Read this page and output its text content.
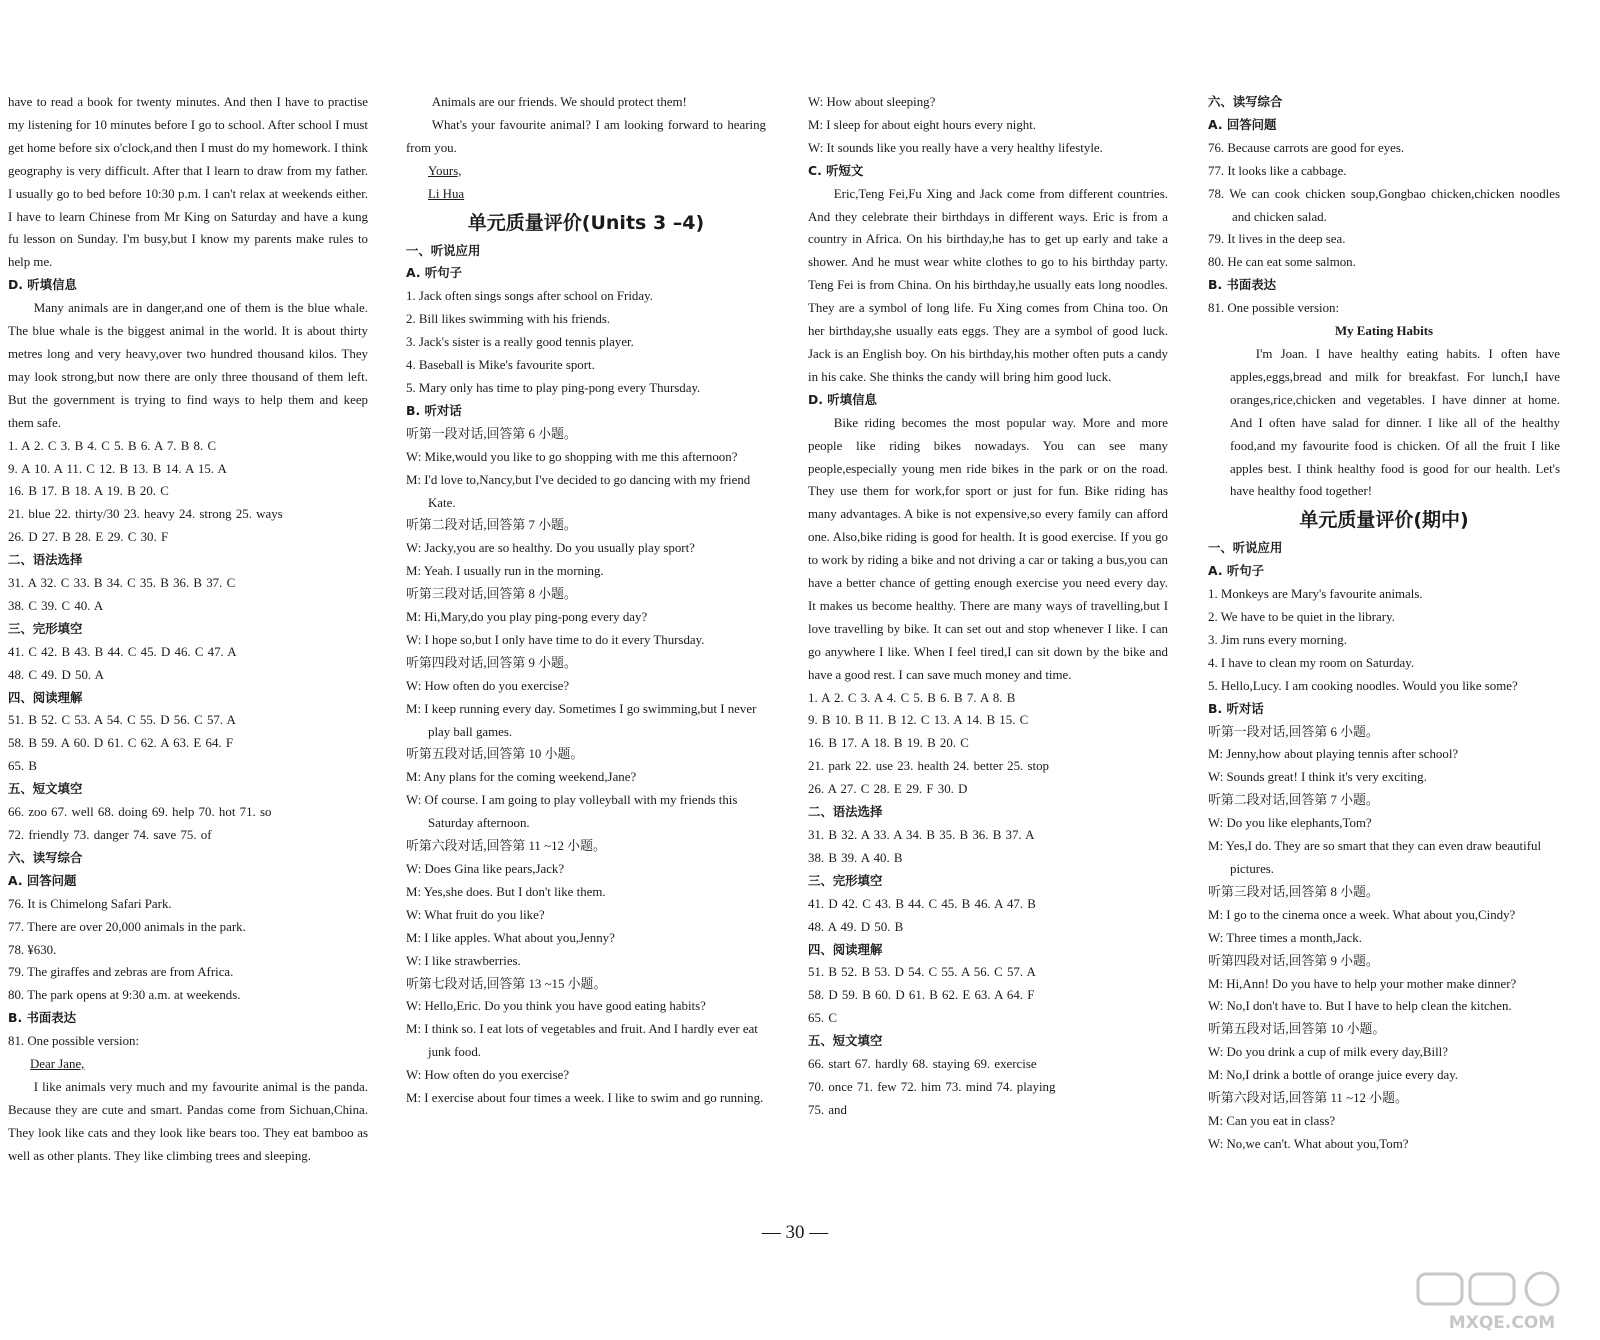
have to read a book for twenty minutes. And then I have to practise my listening for 10 minutes before I go to school. After school I must get home before six o'clock,and then I must do my homework. I think geography is very difficult. After that I learn to draw from my father. I usually go to bed before 10:30 p.m. I can't relax at weekends either. I have to learn Chinese from Mr King on Saturday and have a kung fu lesson on Sunday. I'm busy,but I know my parents make rules to help me.

D. 听填信息

Many animals are in danger,and one of them is the blue whale. The blue whale is the biggest animal in the world. It is about thirty metres long and very heavy,over two hundred thousand kilos. They may look strong,but now there are only three thousand of them left. But the government is trying to find ways to help them and keep them safe.

1. A 2. C 3. B 4. C 5. B 6. A 7. B 8. C
9. A 10. A 11. C 12. B 13. B 14. A 15. A
16. B 17. B 18. A 19. B 20. C
21. blue 22. thirty/30 23. heavy 24. strong 25. ways
26. D 27. B 28. E 29. C 30. F
二、语法选择
31. A 32. C 33. B 34. C 35. B 36. B 37. C
38. C 39. C 40. A
三、完形填空
41. C 42. B 43. B 44. C 45. D 46. C 47. A
48. C 49. D 50. A
四、阅读理解
51. B 52. C 53. A 54. C 55. D 56. C 57. A
58. B 59. A 60. D 61. C 62. A 63. E 64. F
65. B
五、短文填空
66. zoo 67. well 68. doing 69. help 70. hot 71. so
72. friendly 73. danger 74. save 75. of
六、读写综合
A. 回答问题
76. It is Chimelong Safari Park.
77. There are over 20,000 animals in the park.
78. ¥630.
79. The giraffes and zebras are from Africa.
80. The park opens at 9:30 a.m. at weekends.
B. 书面表达
81. One possible version:
Dear Jane,

I like animals very much and my favourite animal is the panda. Because they are cute and smart. Pandas come from Sichuan,China. They look like cats and they look like bears too. They eat bamboo as well as other plants. They like climbing trees and sleeping.

Animals are our friends. We should protect them!

What's your favourite animal? I am looking forward to hearing from you.

Yours,
Li Hua
单元质量评价(Units 3 –4)
一、听说应用
A. 听句子
1. Jack often sings songs after school on Friday.
2. Bill likes swimming with his friends.
3. Jack's sister is a really good tennis player.
4. Baseball is Mike's favourite sport.
5. Mary only has time to play ping-pong every Thursday.
B. 听对话
听第一段对话,回答第 6 小题。
W: Mike,would you like to go shopping with me this afternoon?
M: I'd love to,Nancy,but I've decided to go dancing with my friend Kate.
听第二段对话,回答第 7 小题。
W: Jacky,you are so healthy. Do you usually play sport?
M: Yeah. I usually run in the morning.
听第三段对话,回答第 8 小题。
M: Hi,Mary,do you play ping-pong every day?
W: I hope so,but I only have time to do it every Thursday.
听第四段对话,回答第 9 小题。
W: How often do you exercise?
M: I keep running every day. Sometimes I go swimming,but I never play ball games.
听第五段对话,回答第 10 小题。
M: Any plans for the coming weekend,Jane?
W: Of course. I am going to play volleyball with my friends this Saturday afternoon.
听第六段对话,回答第 11 ~12 小题。
W: Does Gina like pears,Jack?
M: Yes,she does. But I don't like them.
W: What fruit do you like?
M: I like apples. What about you,Jenny?
W: I like strawberries.
听第七段对话,回答第 13 ~15 小题。
W: Hello,Eric. Do you think you have good eating habits?
M: I think so. I eat lots of vegetables and fruit. And I hardly ever eat junk food.
W: How often do you exercise?
M: I exercise about four times a week. I like to swim and go running.
W: How about sleeping?
M: I sleep for about eight hours every night.
W: It sounds like you really have a very healthy lifestyle.
C. 听短文

Eric,Teng Fei,Fu Xing and Jack come from different countries. And they celebrate their birthdays in different ways. Eric is from a country in Africa. On his birthday,he has to get up early and take a shower. And he must wear white clothes to go to his birthday party. Teng Fei is from China. On his birthday,he usually eats long noodles. They are a symbol of long life. Fu Xing comes from China too. On her birthday,she usually eats eggs. They are a symbol of good luck. Jack is an English boy. On his birthday,his mother often puts a candy in his cake. She thinks the candy will bring him good luck.

D. 听填信息

Bike riding becomes the most popular way. More and more people like riding bikes nowadays. You can see many people,especially young men ride bikes in the park or on the road. They use them for work,for sport or just for fun. Bike riding has many advantages. A bike is not expensive,so every family can afford one. Also,bike riding is good for health. It is good exercise. If you go to work by riding a bike and not driving a car or taking a bus,you can have a better chance of getting enough exercise you need every day. It makes us become healthy. There are many ways of travelling,but I love travelling by bike. It can set out and stop whenever I like. I can go anywhere I like. When I feel tired,I can sit down by the bike and have a good rest. I can save much money and time.

1. A 2. C 3. A 4. C 5. B 6. B 7. A 8. B
9. B 10. B 11. B 12. C 13. A 14. B 15. C
16. B 17. A 18. B 19. B 20. C
21. park 22. use 23. health 24. better 25. stop
26. A 27. C 28. E 29. F 30. D
二、语法选择
31. B 32. A 33. A 34. B 35. B 36. B 37. A
38. B 39. A 40. B
三、完形填空
41. D 42. C 43. B 44. C 45. B 46. A 47. B
48. A 49. D 50. B
四、阅读理解
51. B 52. B 53. D 54. C 55. A 56. C 57. A
58. D 59. B 60. D 61. B 62. E 63. A 64. F
65. C
五、短文填空
66. start 67. hardly 68. staying 69. exercise
70. once 71. few 72. him 73. mind 74. playing
75. and
六、读写综合
A. 回答问题
76. Because carrots are good for eyes.
77. It looks like a cabbage.
78. We can cook chicken soup,Gongbao chicken,chicken noodles and chicken salad.
79. It lives in the deep sea.
80. He can eat some salmon.
B. 书面表达
81. One possible version:
My Eating Habits

I'm Joan. I have healthy eating habits. I often have apples,eggs,bread and milk for breakfast. For lunch,I have oranges,rice,chicken and vegetables. I have dinner at home. And I often have salad for dinner. I like all of the healthy food,and my favourite food is chicken. Of all the fruit I like apples best. I think healthy food is good for our health. Let's have healthy food together!

单元质量评价(期中)
一、听说应用
A. 听句子
1. Monkeys are Mary's favourite animals.
2. We have to be quiet in the library.
3. Jim runs every morning.
4. I have to clean my room on Saturday.
5. Hello,Lucy. I am cooking noodles. Would you like some?
B. 听对话
听第一段对话,回答第 6 小题。
M: Jenny,how about playing tennis after school?
W: Sounds great! I think it's very exciting.
听第二段对话,回答第 7 小题。
W: Do you like elephants,Tom?
M: Yes,I do. They are so smart that they can even draw beautiful pictures.
听第三段对话,回答第 8 小题。
M: I go to the cinema once a week. What about you,Cindy?
W: Three times a month,Jack.
听第四段对话,回答第 9 小题。
M: Hi,Ann! Do you have to help your mother make dinner?
W: No,I don't have to. But I have to help clean the kitchen.
听第五段对话,回答第 10 小题。
W: Do you drink a cup of milk every day,Bill?
M: No,I drink a bottle of orange juice every day.
听第六段对话,回答第 11 ~12 小题。
M: Can you eat in class?
W: No,we can't. What about you,Tom?
— 30 —
MXQE.COM
